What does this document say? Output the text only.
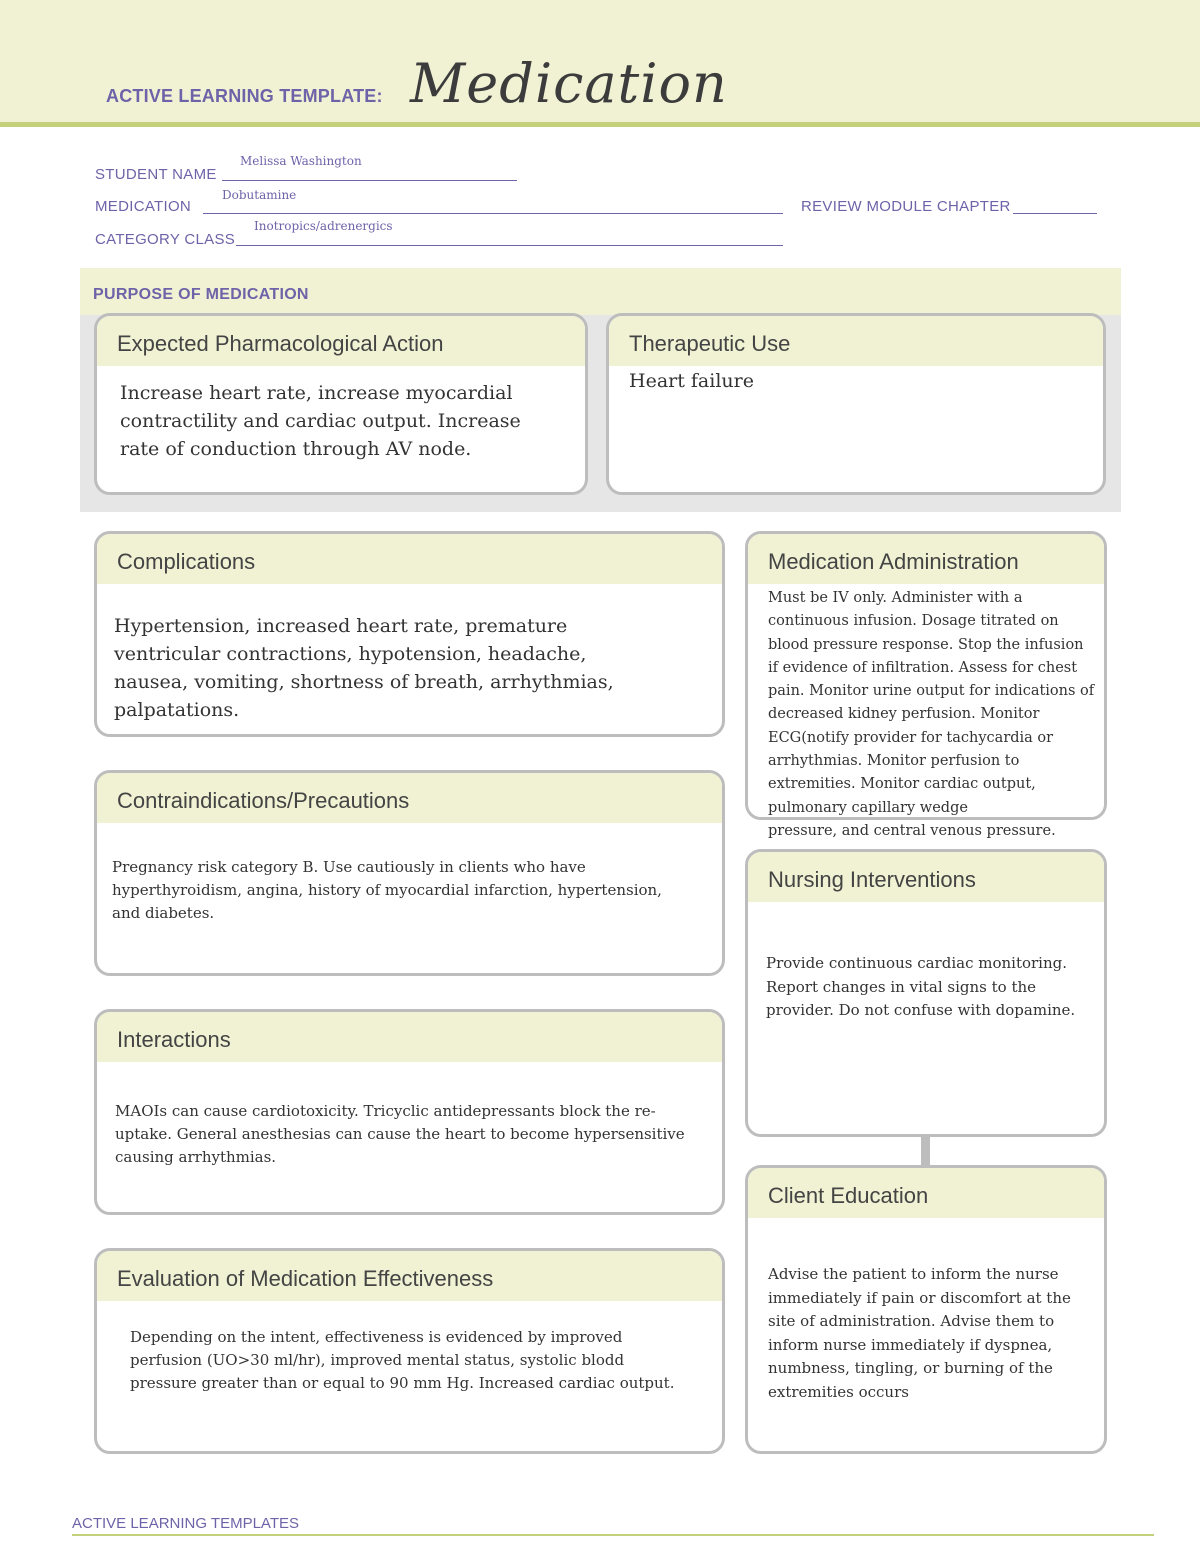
ACTIVE LEARNING TEMPLATE: Medication
STUDENT NAME
Melissa Washington
MEDICATION
Dobutamine
REVIEW MODULE CHAPTER
CATEGORY CLASS
Inotropics/adrenergics
PURPOSE OF MEDICATION
Expected Pharmacological Action
Increase heart rate, increase myocardial contractility and cardiac output. Increase rate of conduction through AV node.
Therapeutic Use
Heart failure
Complications
Hypertension, increased heart rate, premature ventricular contractions, hypotension, headache, nausea, vomiting, shortness of breath, arrhythmias, palpatations.
Contraindications/Precautions
Pregnancy risk category B. Use cautiously in clients who have hyperthyroidism, angina, history of myocardial infarction, hypertension, and diabetes.
Interactions
MAOIs can cause cardiotoxicity. Tricyclic antidepressants block the re-uptake. General anesthesias can cause the heart to become hypersensitive causing arrhythmias.
Evaluation of Medication Effectiveness
Depending on the intent, effectiveness is evidenced by improved perfusion (UO>30 ml/hr), improved mental status, systolic blodd pressure greater than or equal to 90 mm Hg. Increased cardiac output.
Medication Administration
Must be IV only. Administer with a continuous infusion. Dosage titrated on blood pressure response. Stop the infusion if evidence of infiltration. Assess for chest pain. Monitor urine output for indications of decreased kidney perfusion. Monitor ECG(notify provider for tachycardia or arrhythmias. Monitor perfusion to extremities. Monitor cardiac output, pulmonary capillary wedge
pressure, and central venous pressure.
Nursing Interventions
Provide continuous cardiac monitoring. Report changes in vital signs to the provider. Do not confuse with dopamine.
Client Education
Advise the patient to inform the nurse immediately if pain or discomfort at the site of administration. Advise them to inform nurse immediately if dyspnea, numbness, tingling, or burning of the extremities occurs
ACTIVE LEARNING TEMPLATES
